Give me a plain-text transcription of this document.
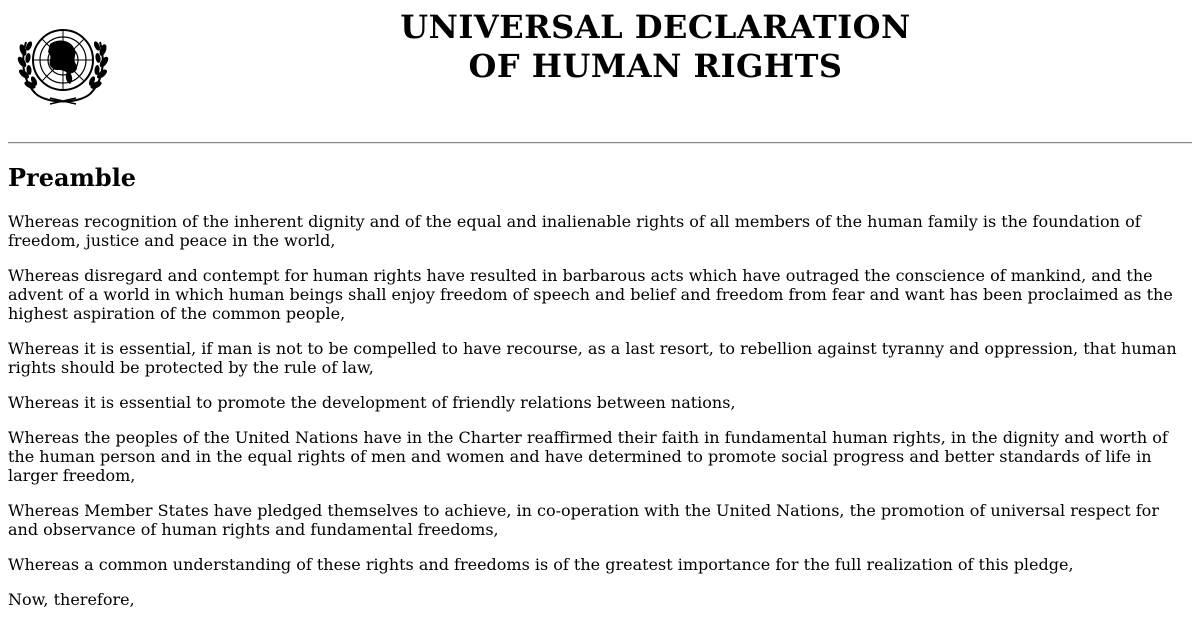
UNIVERSAL DECLARATION
OF HUMAN RIGHTS
Preamble

Whereas recognition of the inherent dignity and of the equal and inalienable rights of all members of the human family is the foundation of freedom, justice and peace in the world,

Whereas disregard and contempt for human rights have resulted in barbarous acts which have outraged the conscience of mankind, and the advent of a world in which human beings shall enjoy freedom of speech and belief and freedom from fear and want has been proclaimed as the highest aspiration of the common people,

Whereas it is essential, if man is not to be compelled to have recourse, as a last resort, to rebellion against tyranny and oppression, that human rights should be protected by the rule of law,

Whereas it is essential to promote the development of friendly relations between nations,

Whereas the peoples of the United Nations have in the Charter reaffirmed their faith in fundamental human rights, in the dignity and worth of the human person and in the equal rights of men and women and have determined to promote social progress and better standards of life in larger freedom,

Whereas Member States have pledged themselves to achieve, in co-operation with the United Nations, the promotion of universal respect for and observance of human rights and fundamental freedoms,

Whereas a common understanding of these rights and freedoms is of the greatest importance for the full realization of this pledge,

Now, therefore,
